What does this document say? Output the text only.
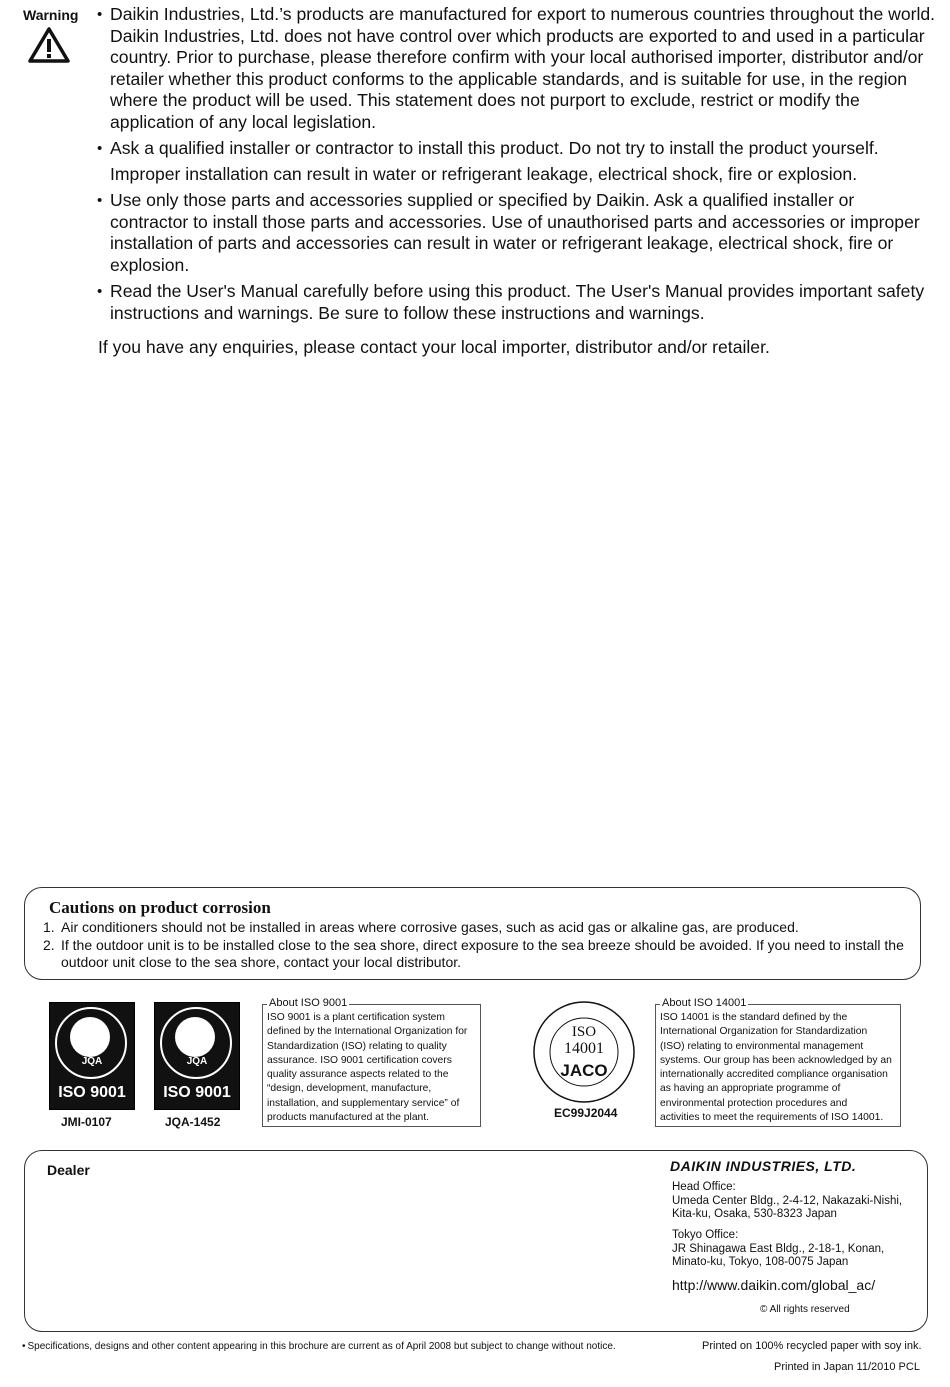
Warning
•	Daikin Industries, Ltd.’s products are manufactured for export to numerous countries throughout the world. Daikin Industries, Ltd. does not have control over which products are exported to and used in a particular country. Prior to purchase, please therefore confirm with your local authorised importer, distributor and/or retailer whether this product conforms to the applicable standards, and is suitable for use, in the region where the product will be used. This statement does not purport to exclude, restrict or modify the application of any local legislation.
• Ask a qualified installer or contractor to install this product. Do not try to install the product yourself.
Improper installation can result in water or refrigerant leakage, electrical shock, fire or explosion.
• Use only those parts and accessories supplied or specified by Daikin. Ask a qualified installer or contractor to install those parts and accessories. Use of unauthorised parts and accessories or improper installation of parts and accessories can result in water or refrigerant leakage, electrical shock, fire or explosion.
• Read the User's Manual carefully before using this product. The User's Manual provides important safety instructions and warnings. Be sure to follow these instructions and warnings.
If you have any enquiries, please contact your local importer, distributor and/or retailer.
Cautions on product corrosion
1. Air conditioners should not be installed in areas where corrosive gases, such as acid gas or alkaline gas, are produced.
2. If the outdoor unit is to be installed close to the sea shore, direct exposure to the sea breeze should be avoided. If you need to install the outdoor unit close to the sea shore, contact your local distributor.
JQA
ISO 9001
JMI-0107
JQA
ISO 9001
JQA-1452
About ISO 9001
ISO 9001 is a plant certification system
defined by the International Organization for
Standardization (ISO) relating to quality
assurance. ISO 9001 certification covers
quality assurance aspects related to the
“design, development, manufacture,
installation, and supplementary service” of
products manufactured at the plant.
ISO
14001
JACO
EC99J2044
About ISO 14001
ISO 14001 is the standard defined by the
International Organization for Standardization
(ISO) relating to environmental management
systems. Our group has been acknowledged by an
internationally accredited compliance organisation
as having an appropriate programme of
environmental protection procedures and
activities to meet the requirements of ISO 14001.
Dealer	DAIKIN INDUSTRIES, LTD.
Head Office:
Umeda Center Bldg., 2-4-12, Nakazaki-Nishi,
Kita-ku, Osaka, 530-8323 Japan
Tokyo Office:
JR Shinagawa East Bldg., 2-18-1, Konan,
Minato-ku, Tokyo, 108-0075 Japan
http://www.daikin.com/global_ac/
© All rights reserved
• Specifications, designs and other content appearing in this brochure are current as of April 2008 but subject to change without notice.	Printed on 100% recycled paper with soy ink.
Printed in Japan 11/2010 PCL
